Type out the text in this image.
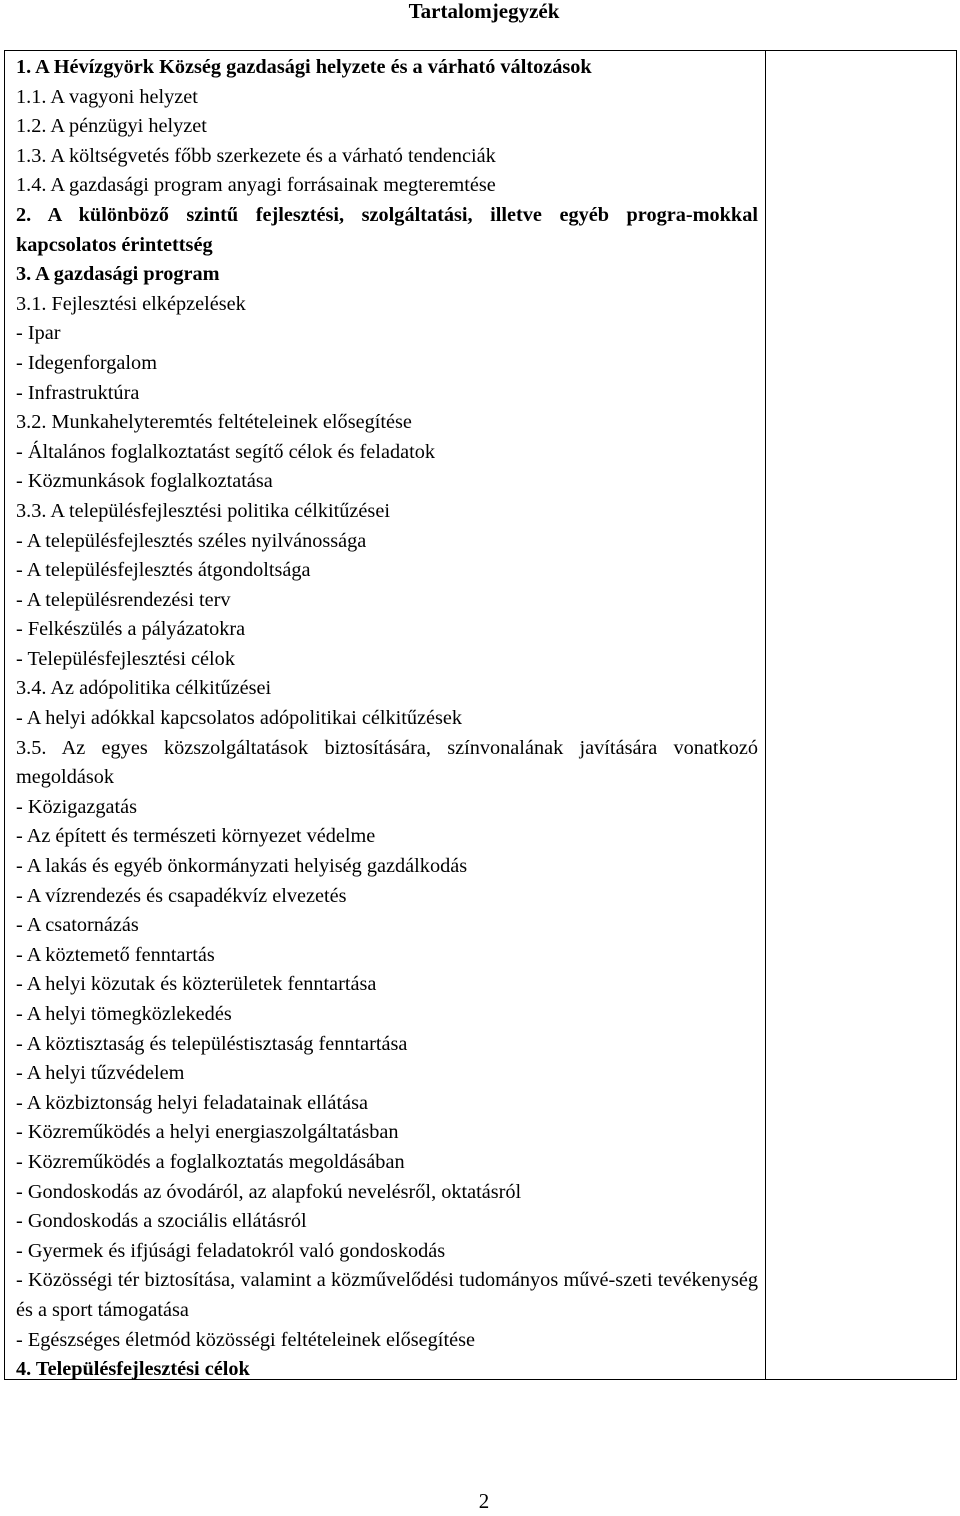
Tartalomjegyzék
1. A Hévízgyörk Község gazdasági helyzete és a várható változások
1.1. A vagyoni helyzet
1.2. A pénzügyi helyzet
1.3. A költségvetés főbb szerkezete és a várható tendenciák
1.4. A gazdasági program anyagi forrásainak megteremtése
2. A különböző szintű fejlesztési, szolgáltatási, illetve egyéb progra-mokkal kapcsolatos érintettség
3. A gazdasági program
3.1. Fejlesztési elképzelések
- Ipar
- Idegenforgalom
- Infrastruktúra
3.2. Munkahelyteremtés feltételeinek elősegítése
- Általános foglalkoztatást segítő célok és feladatok
- Közmunkások foglalkoztatása
3.3. A településfejlesztési politika célkitűzései
- A településfejlesztés széles nyilvánossága
- A településfejlesztés átgondoltsága
- A településrendezési terv
- Felkészülés a pályázatokra
- Településfejlesztési célok
3.4. Az adópolitika célkitűzései
- A helyi adókkal kapcsolatos adópolitikai célkitűzések
3.5. Az egyes közszolgáltatások biztosítására, színvonalának javítására vonatkozó megoldások
- Közigazgatás
- Az épített és természeti környezet védelme
- A lakás és egyéb önkormányzati helyiség gazdálkodás
- A vízrendezés és csapadékvíz elvezetés
- A csatornázás
- A köztemető fenntartás
- A helyi közutak és közterületek fenntartása
- A helyi tömegközlekedés
- A köztisztaság és településtisztaság fenntartása
- A helyi tűzvédelem
- A közbiztonság helyi feladatainak ellátása
- Közreműködés a helyi energiaszolgáltatásban
- Közreműködés a foglalkoztatás megoldásában
- Gondoskodás az óvodáról, az alapfokú nevelésről, oktatásról
- Gondoskodás a szociális ellátásról
- Gyermek és ifjúsági feladatokról való gondoskodás
- Közösségi tér biztosítása, valamint a közművelődési tudományos művé-szeti tevékenység és a sport támogatása
- Egészséges életmód közösségi feltételeinek elősegítése
4. Településfejlesztési célok
2
